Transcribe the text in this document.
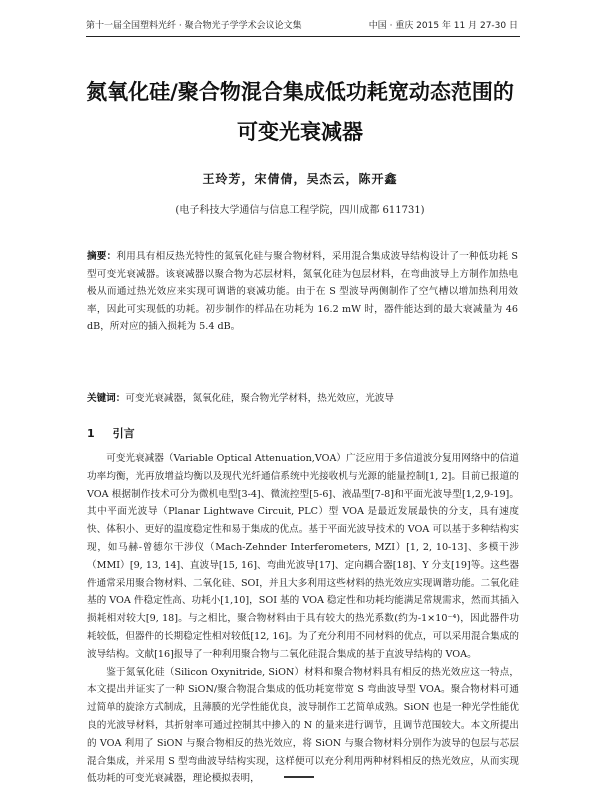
第十一届全国塑料光纤 · 聚合物光子学学术会议论文集	中国 · 重庆 2015 年 11 月 27-30 日
氮氧化硅/聚合物混合集成低功耗宽动态范围的
可变光衰减器
王玲芳，宋倩倩，吴杰云，陈开鑫
(电子科技大学通信与信息工程学院，四川成都 611731)
摘要：利用具有相反热光特性的氮氧化硅与聚合物材料，采用混合集成波导结构设计了一种低功耗 S 型可变光衰减器。该衰减器以聚合物为芯层材料，氮氧化硅为包层材料，在弯曲波导上方制作加热电极从而通过热光效应来实现可调谐的衰减功能。由于在 S 型波导两侧制作了空气槽以增加热利用效率，因此可实现低的功耗。初步制作的样品在功耗为 16.2 mW 时，器件能达到的最大衰减量为 46 dB，所对应的插入损耗为 5.4 dB。
关键词：可变光衰减器，氮氧化硅，聚合物光学材料，热光效应，光波导
1 引言

可变光衰减器（Variable Optical Attenuation,VOA）广泛应用于多信道波分复用网络中的信道功率均衡，光再放增益均衡以及现代光纤通信系统中光接收机与光源的能量控制[1, 2]。目前已报道的 VOA 根据制作技术可分为微机电型[3-4]、微流控型[5-6]、液晶型[7-8]和平面光波导型[1,2,9-19]。其中平面光波导（Planar Lightwave Circuit, PLC）型 VOA 是最近发展最快的分支，具有速度快、体积小、更好的温度稳定性和易于集成的优点。基于平面光波导技术的 VOA 可以基于多种结构实现，如马赫-曾德尔干涉仪（Mach-Zehnder Interferometers, MZI）[1, 2, 10-13]、多模干涉（MMI）[9, 13, 14]、直波导[15, 16]、弯曲光波导[17]、定向耦合器[18]、Y 分支[19]等。这些器件通常采用聚合物材料、二氧化硅、SOI，并且大多利用这些材料的热光效应实现调谐功能。二氧化硅基的 VOA 件稳定性高、功耗小[1,10]，SOI 基的 VOA 稳定性和功耗均能满足常规需求，然而其插入损耗相对较大[9, 18]。与之相比，聚合物材料由于具有较大的热光系数(约为-1×10⁻⁴)，因此器件功耗较低，但器件的长期稳定性相对较低[12, 16]。为了充分利用不同材料的优点，可以采用混合集成的波导结构。文献[16]报导了一种利用聚合物与二氧化硅混合集成的基于直波导结构的 VOA。

鉴于氮氧化硅（Silicon Oxynitride, SiON）材料和聚合物材料具有相反的热光效应这一特点，本文提出并证实了一种 SiON/聚合物混合集成的低功耗宽带宽 S 弯曲波导型 VOA。聚合物材料可通过简单的旋涂方式制成，且薄膜的光学性能优良，波导制作工艺简单成熟。SiON 也是一种光学性能优良的光波导材料，其折射率可通过控制其中掺入的 N 的量来进行调节，且调节范围较大。本文所提出的 VOA 利用了 SiON 与聚合物相反的热光效应，将 SiON 与聚合物材料分别作为波导的包层与芯层混合集成，并采用 S 型弯曲波导结构实现，这样便可以充分利用两种材料相反的热光效应，从而实现低功耗的可变光衰减器，理论模拟表明，
